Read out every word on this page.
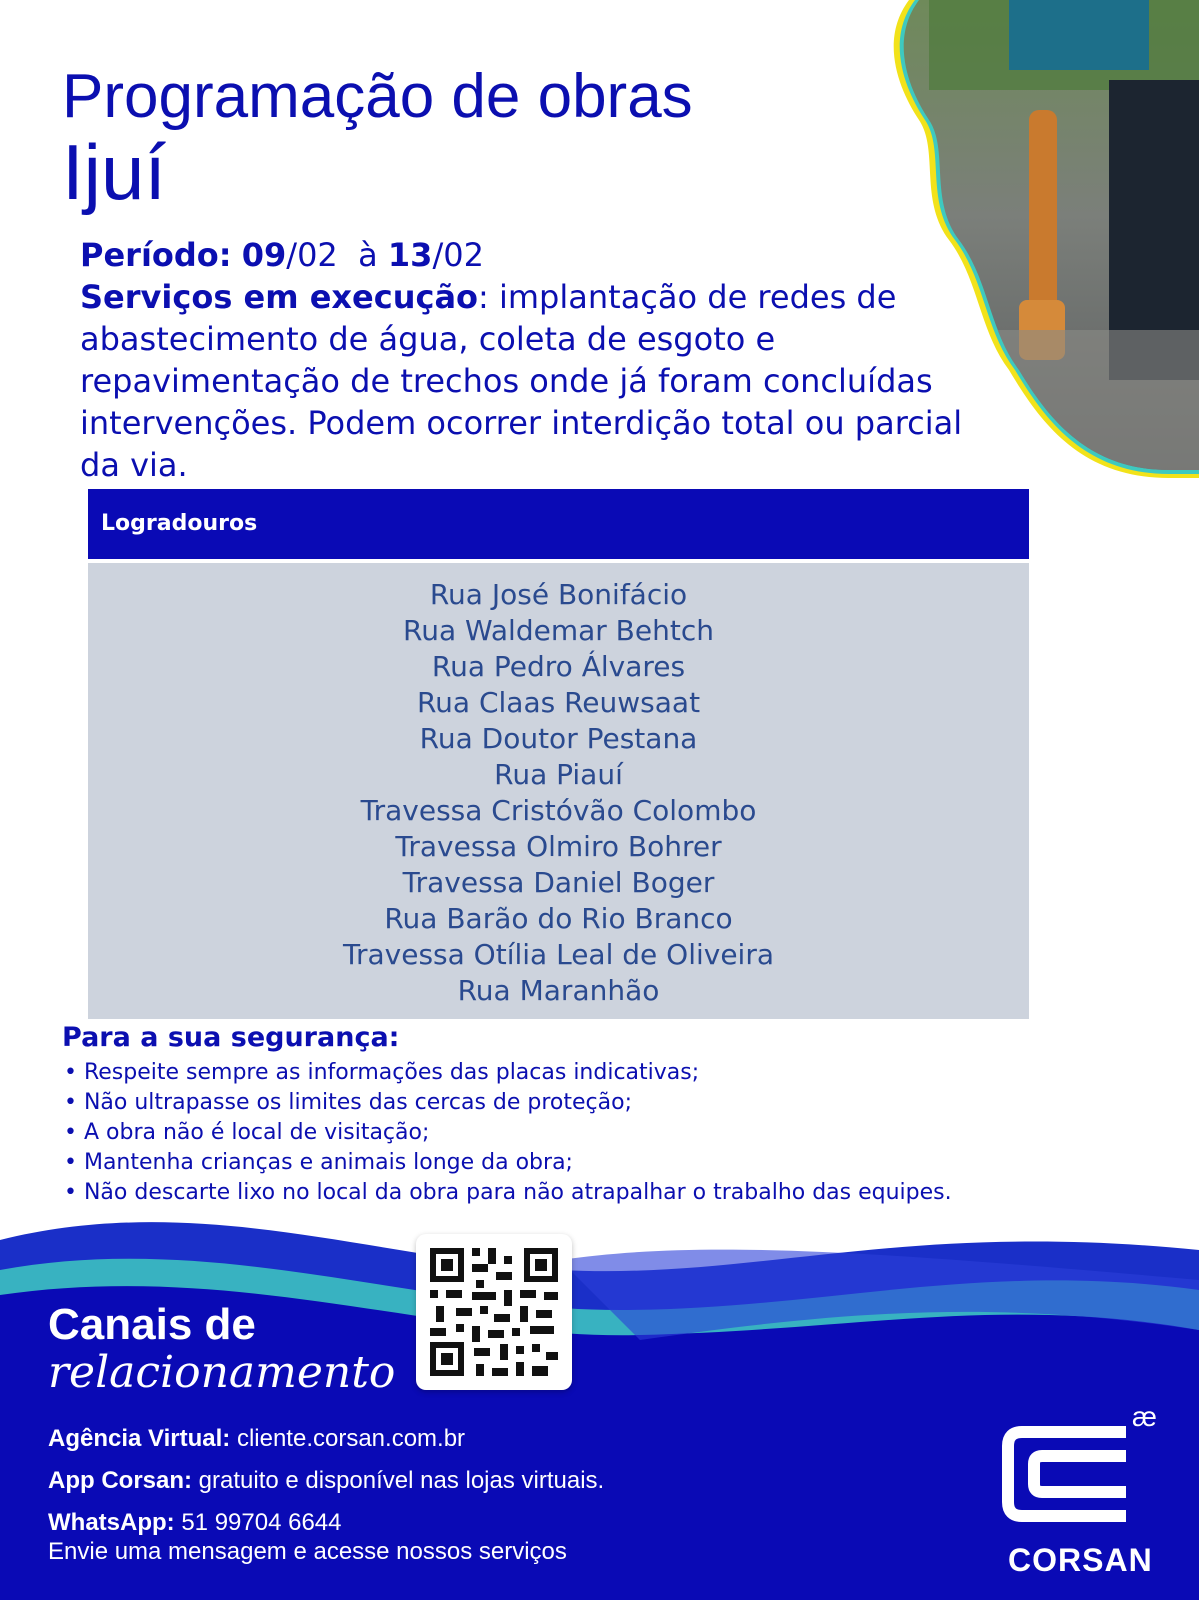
Programação de obras
Ijuí
Período: 09/02 à 13/02
Serviços em execução: implantação de redes de abastecimento de água, coleta de esgoto e repavimentação de trechos onde já foram concluídas intervenções. Podem ocorrer interdição total ou parcial da via.
Logradouros
Rua José Bonifácio
Rua Waldemar Behtch
Rua Pedro Álvares
Rua Claas Reuwsaat
Rua Doutor Pestana
Rua Piauí
Travessa Cristóvão Colombo
Travessa Olmiro Bohrer
Travessa Daniel Boger
Rua Barão do Rio Branco
Travessa Otília Leal de Oliveira
Rua Maranhão
Para a sua segurança:
• Respeite sempre as informações das placas indicativas;
• Não ultrapasse os limites das cercas de proteção;
• A obra não é local de visitação;
• Mantenha crianças e animais longe da obra;
• Não descarte lixo no local da obra para não atrapalhar o trabalho das equipes.
Canais de
relacionamento
Agência Virtual: cliente.corsan.com.br
App Corsan: gratuito e disponível nas lojas virtuais.
WhatsApp: 51 99704 6644
Envie uma mensagem e acesse nossos serviços
æ
CORSAN
